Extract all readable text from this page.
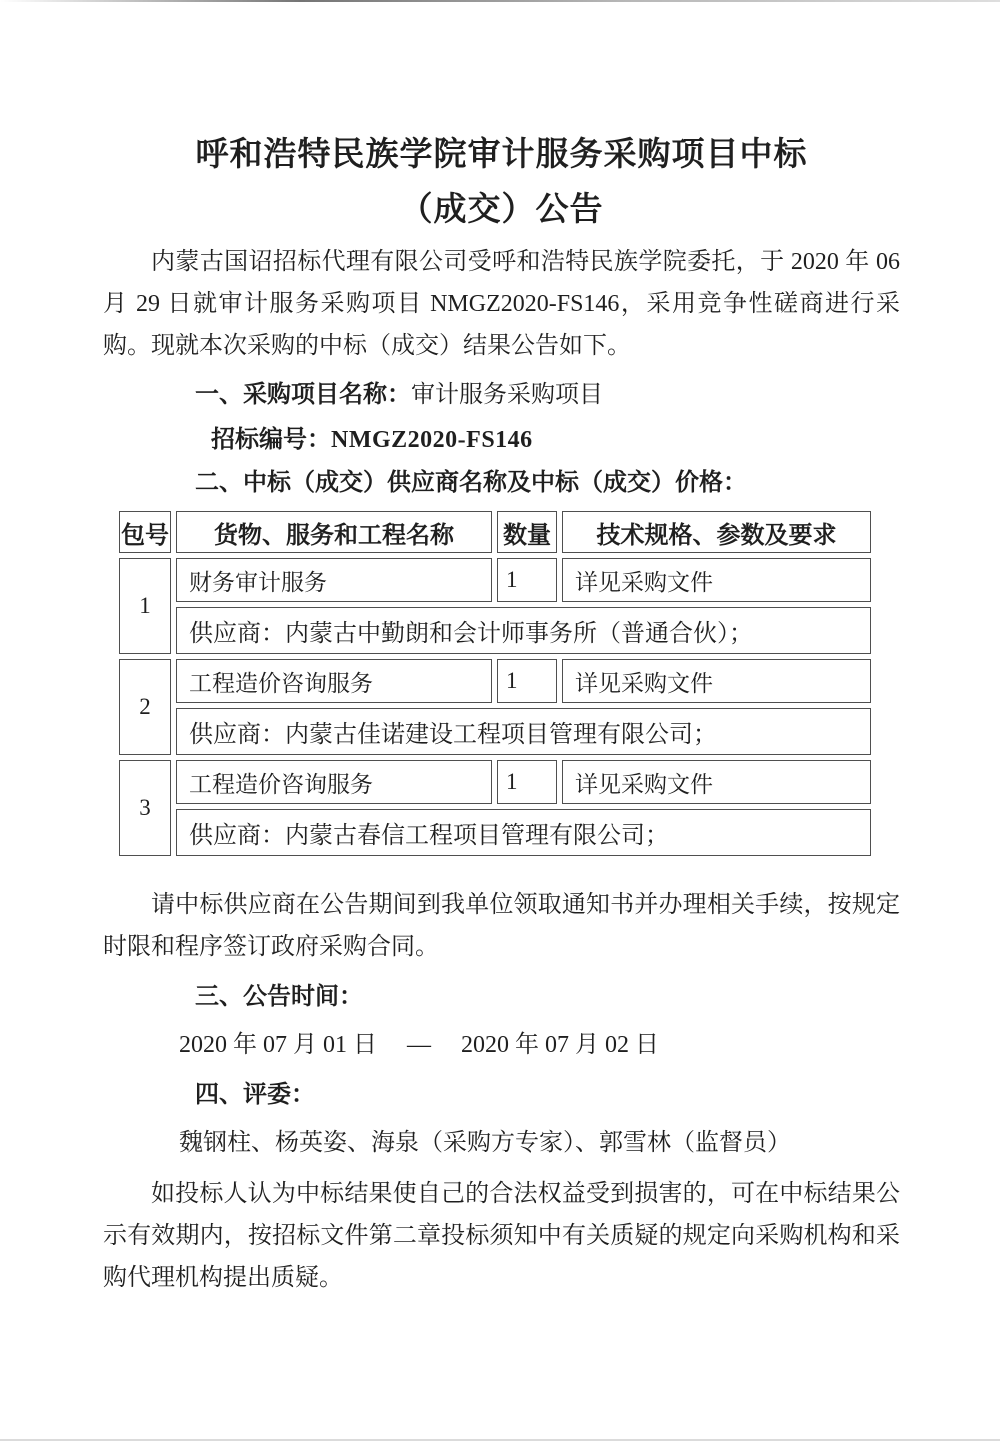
呼和浩特民族学院审计服务采购项目中标
（成交）公告

内蒙古国诏招标代理有限公司受呼和浩特民族学院委托，于 2020 年 06 月 29 日就审计服务采购项目 NMGZ2020-FS146，采用竞争性磋商进行采购。现就本次采购的中标（成交）结果公告如下。

一、采购项目名称：审计服务采购项目

招标编号：NMGZ2020-FS146

二、中标（成交）供应商名称及中标（成交）价格：

包号	货物、服务和工程名称	数量	技术规格、参数及要求
1	财务审计服务	1	详见采购文件
	供应商：内蒙古中勤朗和会计师事务所（普通合伙）；		
2	工程造价咨询服务	1	详见采购文件
	供应商：内蒙古佳诺建设工程项目管理有限公司；		
3	工程造价咨询服务	1	详见采购文件
	供应商：内蒙古春信工程项目管理有限公司；		

请中标供应商在公告期间到我单位领取通知书并办理相关手续，按规定时限和程序签订政府采购合同。

三、公告时间：

2020 年 07 月 01 日　 — 　2020 年 07 月 02 日

四、评委：

魏钢柱、杨英姿、海泉（采购方专家）、郭雪林（监督员）

如投标人认为中标结果使自己的合法权益受到损害的，可在中标结果公示有效期内，按招标文件第二章投标须知中有关质疑的规定向采购机构和采购代理机构提出质疑。
